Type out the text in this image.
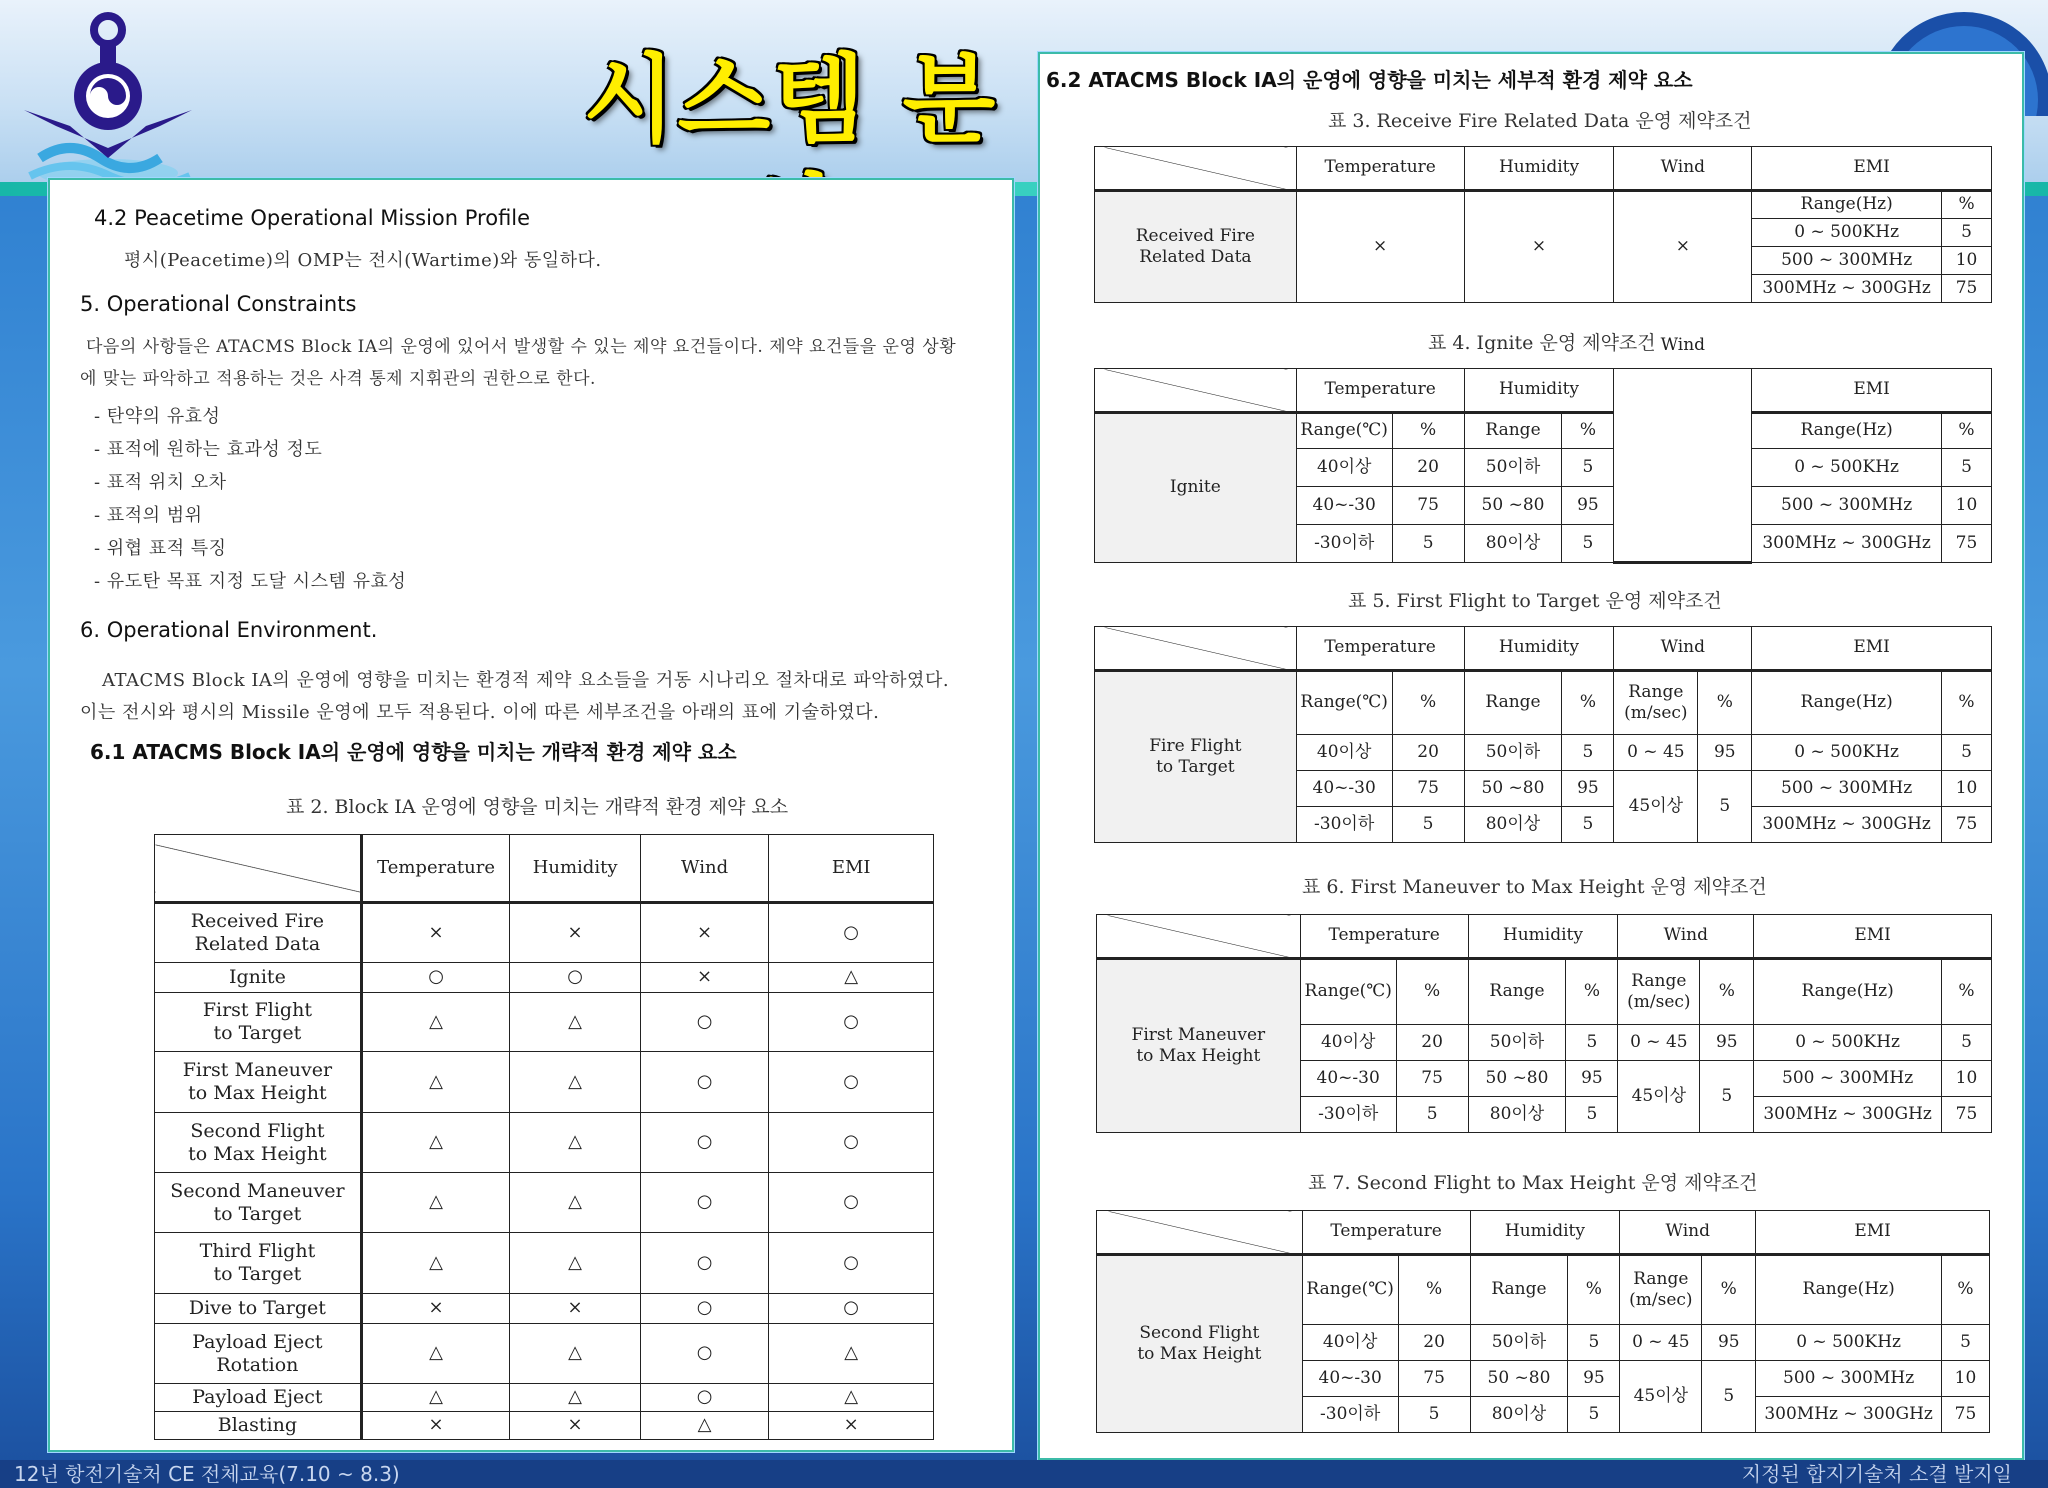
시스템 분
4.2 Peacetime Operational Mission Profile
평시(Peacetime)의 OMP는 전시(Wartime)와 동일하다.
5. Operational Constraints
다음의 사항들은 ATACMS Block IA의 운영에 있어서 발생할 수 있는 제약 요건들이다. 제약 요건들을 운영 상황
에 맞는 파악하고 적용하는 것은 사격 통제 지휘관의 권한으로 한다.
- 탄약의 유효성
- 표적에 원하는 효과성 정도
- 표적 위치 오차
- 표적의 범위
- 위협 표적 특징
- 유도탄 목표 지정 도달 시스템 유효성
6. Operational Environment.
ATACMS Block IA의 운영에 영향을 미치는 환경적 제약 요소들을 거동 시나리오 절차대로 파악하였다.
이는 전시와 평시의 Missile 운영에 모두 적용된다. 이에 따른 세부조건을 아래의 표에 기술하였다.
6.1 ATACMS Block IA의 운영에 영향을 미치는 개략적 환경 제약 요소
표 2. Block IA 운영에 영향을 미치는 개략적 환경 제약 요소
	Temperature	Humidity	Wind	EMI
Received Fire
Related Data	×	×	×	○
Ignite	○	○	×	△
First Flight
to Target	△	△	○	○
First Maneuver
to Max Height	△	△	○	○
Second Flight
to Max Height	△	△	○	○
Second Maneuver
to Target	△	△	○	○
Third Flight
to Target	△	△	○	○
Dive to Target	×	×	○	○
Payload Eject
Rotation	△	△	○	△
Payload Eject	△	△	○	△
Blasting	×	×	△	×
6.2 ATACMS Block IA의 운영에 영향을 미치는 세부적 환경 제약 요소
표 3. Receive Fire Related Data 운영 제약조건
	Temperature	Humidity	Wind	EMI	
Received Fire
Related Data	×	×	×	Range(Hz)	%
				0 ~ 500KHz	5
				500 ~ 300MHz	10
				300MHz ~ 300GHz	75
표 4. Ignite 운영 제약조건
	Temperature		Humidity		Wind	EMI	
Ignite	Range(℃)	%	Range	%		Range(Hz)	%
	40이상	20	50이하	5		0 ~ 500KHz	5
	40~-30	75	50 ~80	95		500 ~ 300MHz	10
	-30이하	5	80이상	5		300MHz ~ 300GHz	75
표 5. First Flight to Target 운영 제약조건
	Temperature		Humidity		Wind		EMI	
Fire Flight
to Target	Range(℃)	%	Range	%	Range
(m/sec)	%	Range(Hz)	%
	40이상	20	50이하	5	0 ~ 45	95	0 ~ 500KHz	5
	40~-30	75	50 ~80	95	45이상	5	500 ~ 300MHz	10
	-30이하	5	80이상	5			300MHz ~ 300GHz	75
표 6. First Maneuver to Max Height 운영 제약조건
	Temperature		Humidity		Wind		EMI	
First Maneuver
to Max Height	Range(℃)	%	Range	%	Range
(m/sec)	%	Range(Hz)	%
	40이상	20	50이하	5	0 ~ 45	95	0 ~ 500KHz	5
	40~-30	75	50 ~80	95	45이상	5	500 ~ 300MHz	10
	-30이하	5	80이상	5			300MHz ~ 300GHz	75
표 7. Second Flight to Max Height 운영 제약조건
	Temperature		Humidity		Wind		EMI	
Second Flight
to Max Height	Range(℃)	%	Range	%	Range
(m/sec)	%	Range(Hz)	%
	40이상	20	50이하	5	0 ~ 45	95	0 ~ 500KHz	5
	40~-30	75	50 ~80	95	45이상	5	500 ~ 300MHz	10
	-30이하	5	80이상	5			300MHz ~ 300GHz	75
12년 항전기술처 CE 전체교육(7.10 ~ 8.3)	지정된 합지기술처 소결 발지일
